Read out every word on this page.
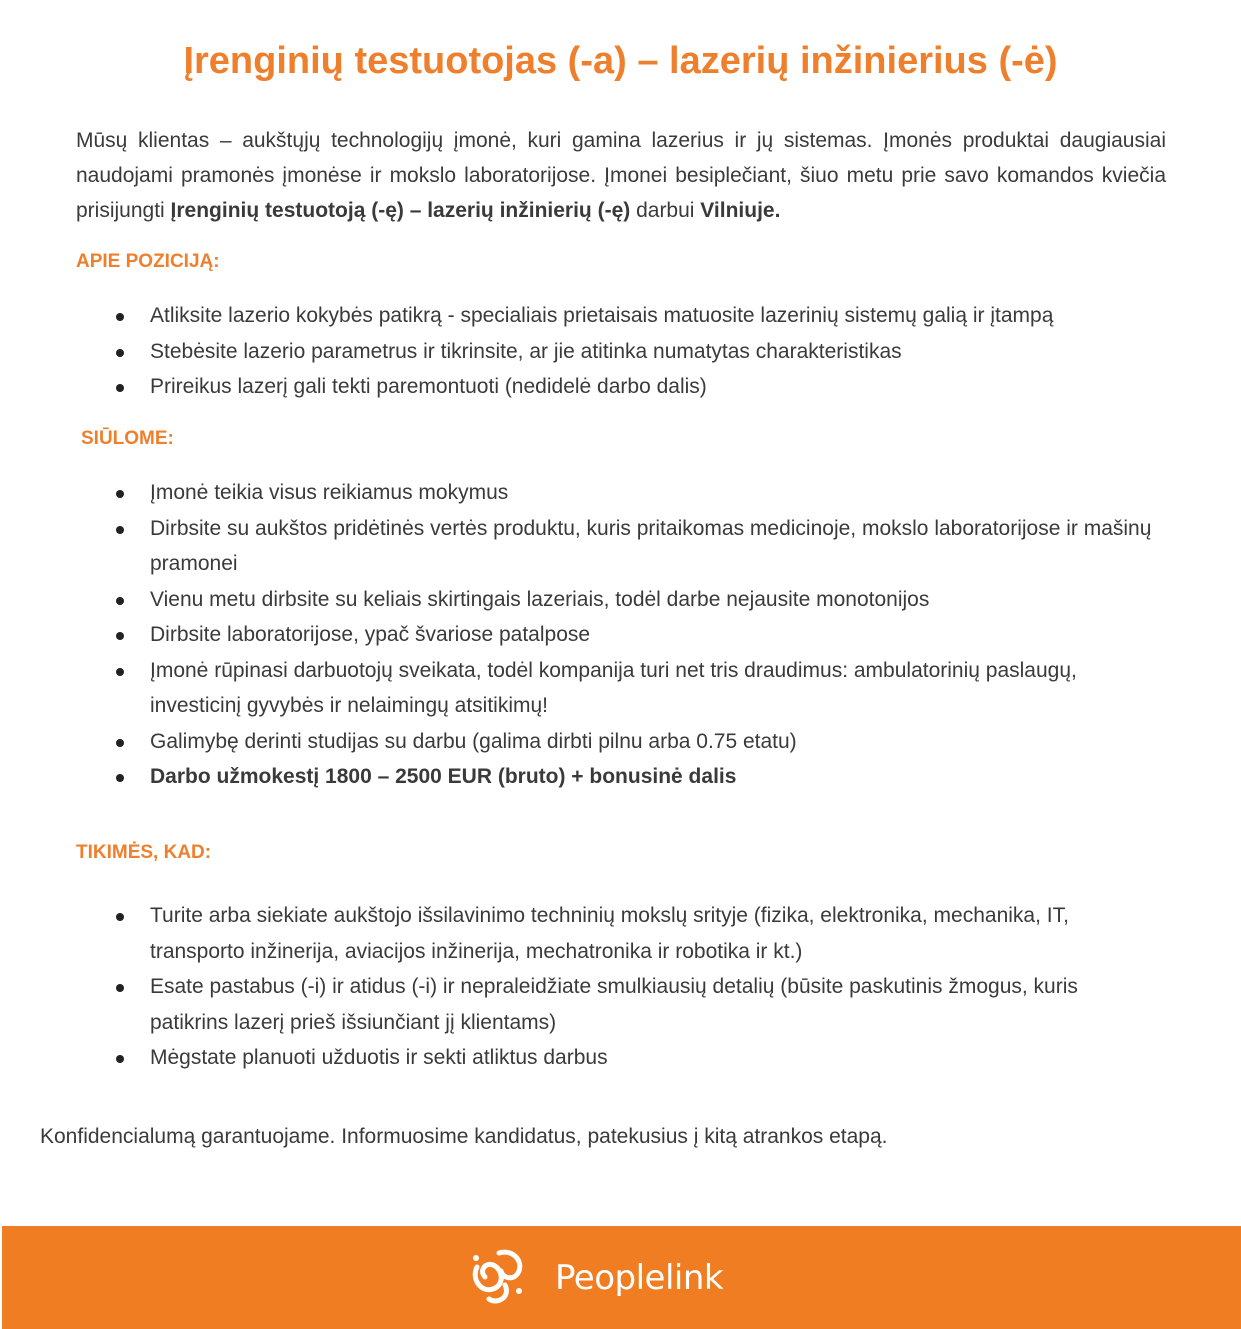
Įrenginių testuotojas (-a) – lazerių inžinierius (-ė)

Mūsų klientas – aukštųjų technologijų įmonė, kuri gamina lazerius ir jų sistemas. Įmonės produktai daugiausiai naudojami pramonės įmonėse ir mokslo laboratorijose. Įmonei besiplečiant, šiuo metu prie savo komandos kviečia prisijungti Įrenginių testuotoją (-ę) – lazerių inžinierių (-ę) darbui Vilniuje.

APIE POZICIJĄ:
Atliksite lazerio kokybės patikrą - specialiais prietaisais matuosite lazerinių sistemų galią ir įtampą
Stebėsite lazerio parametrus ir tikrinsite, ar jie atitinka numatytas charakteristikas
Prireikus lazerį gali tekti paremontuoti (nedidelė darbo dalis)
SIŪLOME:
Įmonė teikia visus reikiamus mokymus
Dirbsite su aukštos pridėtinės vertės produktu, kuris pritaikomas medicinoje, mokslo laboratorijose ir mašinų pramonei
Vienu metu dirbsite su keliais skirtingais lazeriais, todėl darbe nejausite monotonijos
Dirbsite laboratorijose, ypač švariose patalpose
Įmonė rūpinasi darbuotojų sveikata, todėl kompanija turi net tris draudimus: ambulatorinių paslaugų, investicinį gyvybės ir nelaimingų atsitikimų!
Galimybę derinti studijas su darbu (galima dirbti pilnu arba 0.75 etatu)
Darbo užmokestį 1800 – 2500 EUR (bruto) + bonusinė dalis
TIKIMĖS, KAD:
Turite arba siekiate aukštojo išsilavinimo techninių mokslų srityje (fizika, elektronika, mechanika, IT, transporto inžinerija, aviacijos inžinerija, mechatronika ir robotika ir kt.)
Esate pastabus (-i) ir atidus (-i) ir nepraleidžiate smulkiausių detalių (būsite paskutinis žmogus, kuris patikrins lazerį prieš išsiunčiant jį klientams)
Mėgstate planuoti užduotis ir sekti atliktus darbus
Konfidencialumą garantuojame. Informuosime kandidatus, patekusius į kitą atrankos etapą.
Peoplelink
